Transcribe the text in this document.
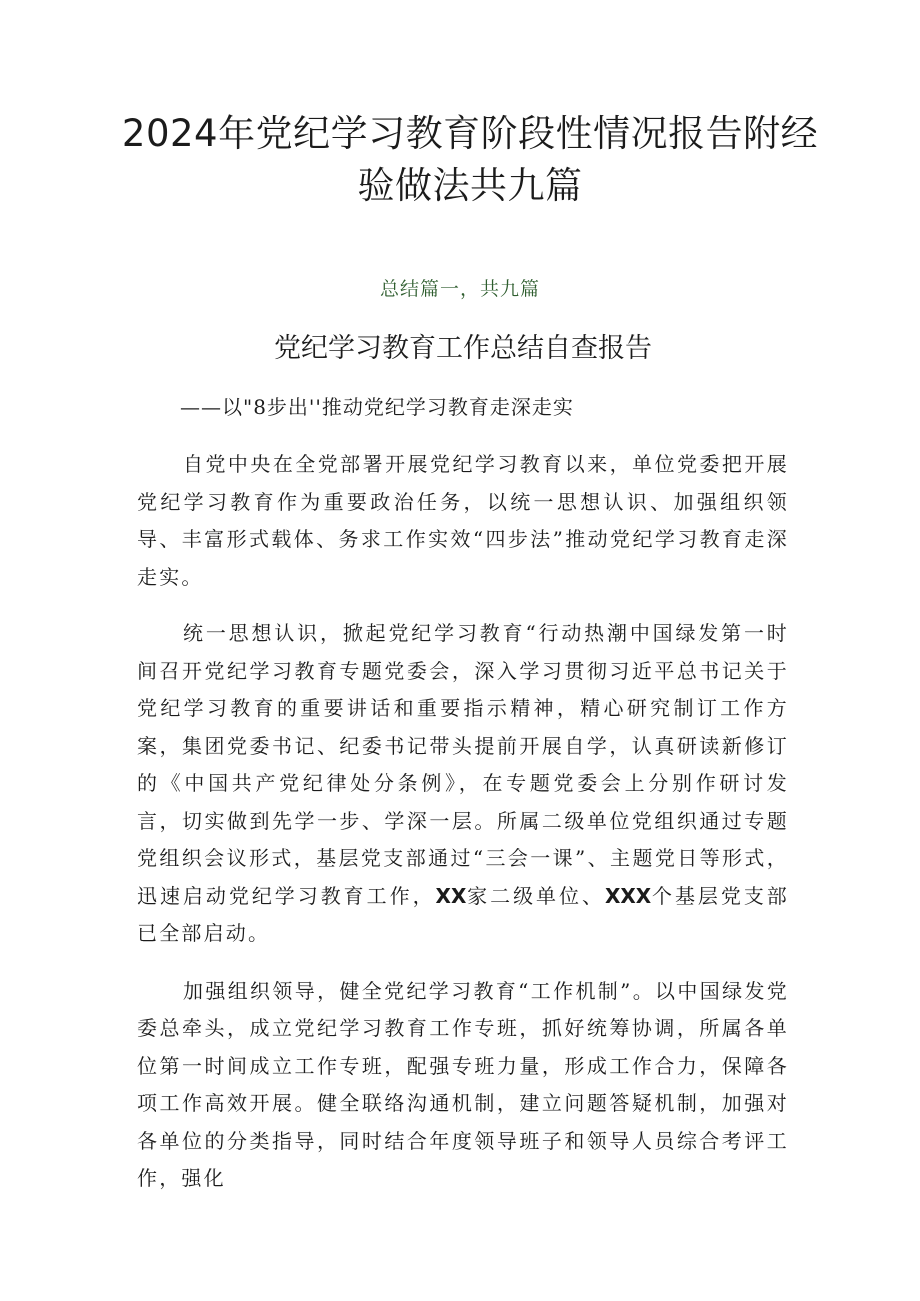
2024年党纪学习教育阶段性情况报告附经
验做法共九篇
总结篇一，共九篇
党纪学习教育工作总结自查报告
——以"8步出''推动党纪学习教育走深走实

自党中央在全党部署开展党纪学习教育以来，单位党委把开展党纪学习教育作为重要政治任务，以统一思想认识、加强组织领导、丰富形式载体、务求工作实效“四步法”推动党纪学习教育走深走实。

统一思想认识，掀起党纪学习教育“行动热潮中国绿发第一时间召开党纪学习教育专题党委会，深入学习贯彻习近平总书记关于党纪学习教育的重要讲话和重要指示精神，精心研究制订工作方案，集团党委书记、纪委书记带头提前开展自学，认真研读新修订的《中国共产党纪律处分条例》，在专题党委会上分别作研讨发言，切实做到先学一步、学深一层。所属二级单位党组织通过专题党组织会议形式，基层党支部通过“三会一课”、主题党日等形式，迅速启动党纪学习教育工作，XX家二级单位、XXX个基层党支部已全部启动。

加强组织领导，健全党纪学习教育“工作机制”。以中国绿发党委总牵头，成立党纪学习教育工作专班，抓好统筹协调，所属各单位第一时间成立工作专班，配强专班力量，形成工作合力，保障各项工作高效开展。健全联络沟通机制，建立问题答疑机制，加强对各单位的分类指导，同时结合年度领导班子和领导人员综合考评工作，强化
